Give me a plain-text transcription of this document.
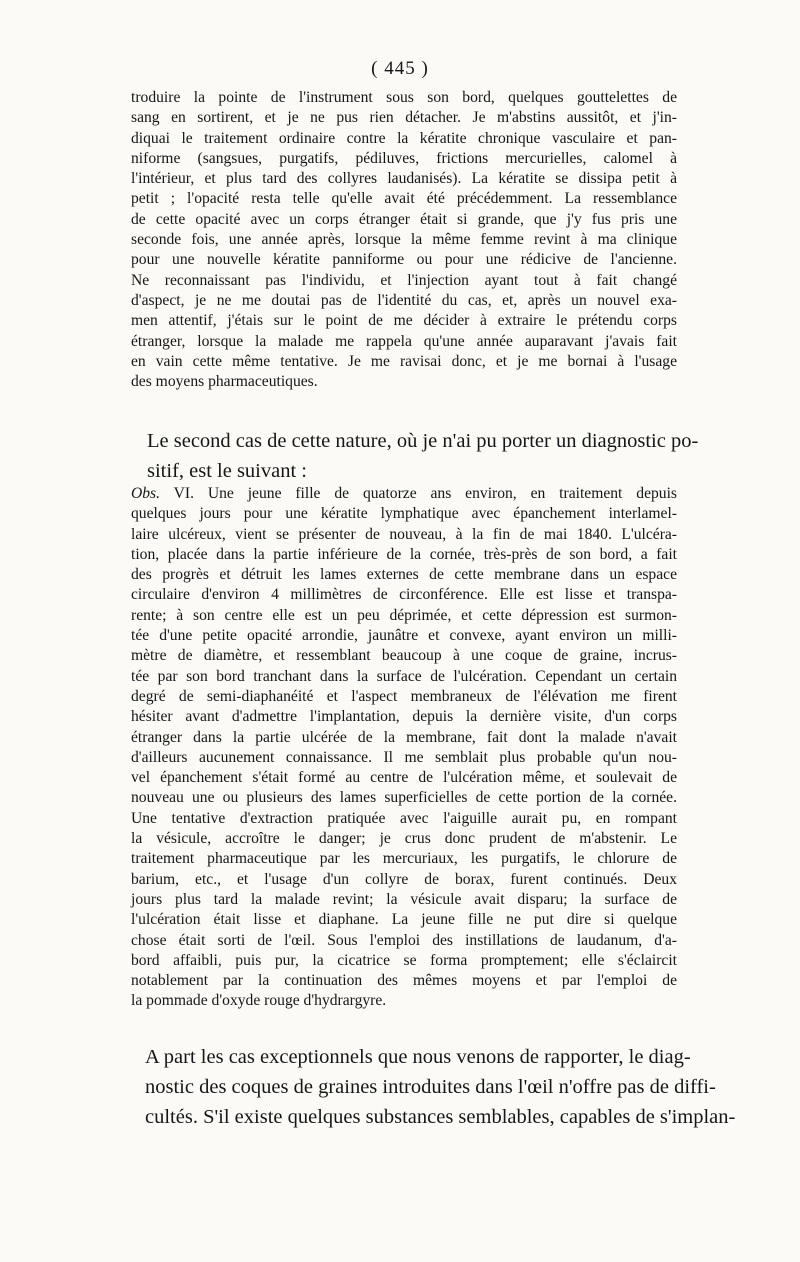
( 445 )
troduire la pointe de l'instrument sous son bord, quelques gouttelettes de
sang en sortirent, et je ne pus rien détacher. Je m'abstins aussitôt, et j'in-
diquai le traitement ordinaire contre la kératite chronique vasculaire et pan-
niforme (sangsues, purgatifs, pédiluves, frictions mercurielles, calomel à
l'intérieur, et plus tard des collyres laudanisés). La kératite se dissipa petit à
petit ; l'opacité resta telle qu'elle avait été précédemment. La ressemblance
de cette opacité avec un corps étranger était si grande, que j'y fus pris une
seconde fois, une année après, lorsque la même femme revint à ma clinique
pour une nouvelle kératite panniforme ou pour une rédicive de l'ancienne.
Ne reconnaissant pas l'individu, et l'injection ayant tout à fait changé
d'aspect, je ne me doutai pas de l'identité du cas, et, après un nouvel exa-
men attentif, j'étais sur le point de me décider à extraire le prétendu corps
étranger, lorsque la malade me rappela qu'une année auparavant j'avais fait
en vain cette même tentative. Je me ravisai donc, et je me bornai à l'usage
des moyens pharmaceutiques.
Le second cas de cette nature, où je n'ai pu porter un diagnostic po-
sitif, est le suivant :
Obs. VI. Une jeune fille de quatorze ans environ, en traitement depuis
quelques jours pour une kératite lymphatique avec épanchement interlamel-
laire ulcéreux, vient se présenter de nouveau, à la fin de mai 1840. L'ulcéra-
tion, placée dans la partie inférieure de la cornée, très-près de son bord, a fait
des progrès et détruit les lames externes de cette membrane dans un espace
circulaire d'environ 4 millimètres de circonférence. Elle est lisse et transpa-
rente; à son centre elle est un peu déprimée, et cette dépression est surmon-
tée d'une petite opacité arrondie, jaunâtre et convexe, ayant environ un milli-
mètre de diamètre, et ressemblant beaucoup à une coque de graine, incrus-
tée par son bord tranchant dans la surface de l'ulcération. Cependant un certain
degré de semi-diaphanéité et l'aspect membraneux de l'élévation me firent
hésiter avant d'admettre l'implantation, depuis la dernière visite, d'un corps
étranger dans la partie ulcérée de la membrane, fait dont la malade n'avait
d'ailleurs aucunement connaissance. Il me semblait plus probable qu'un nou-
vel épanchement s'était formé au centre de l'ulcération même, et soulevait de
nouveau une ou plusieurs des lames superficielles de cette portion de la cornée.
Une tentative d'extraction pratiquée avec l'aiguille aurait pu, en rompant
la vésicule, accroître le danger; je crus donc prudent de m'abstenir. Le
traitement pharmaceutique par les mercuriaux, les purgatifs, le chlorure de
barium, etc., et l'usage d'un collyre de borax, furent continués. Deux
jours plus tard la malade revint; la vésicule avait disparu; la surface de
l'ulcération était lisse et diaphane. La jeune fille ne put dire si quelque
chose était sorti de l'œil. Sous l'emploi des instillations de laudanum, d'a-
bord affaibli, puis pur, la cicatrice se forma promptement; elle s'éclaircit
notablement par la continuation des mêmes moyens et par l'emploi de
la pommade d'oxyde rouge d'hydrargyre.
A part les cas exceptionnels que nous venons de rapporter, le diag-
nostic des coques de graines introduites dans l'œil n'offre pas de diffi-
cultés. S'il existe quelques substances semblables, capables de s'implan-
